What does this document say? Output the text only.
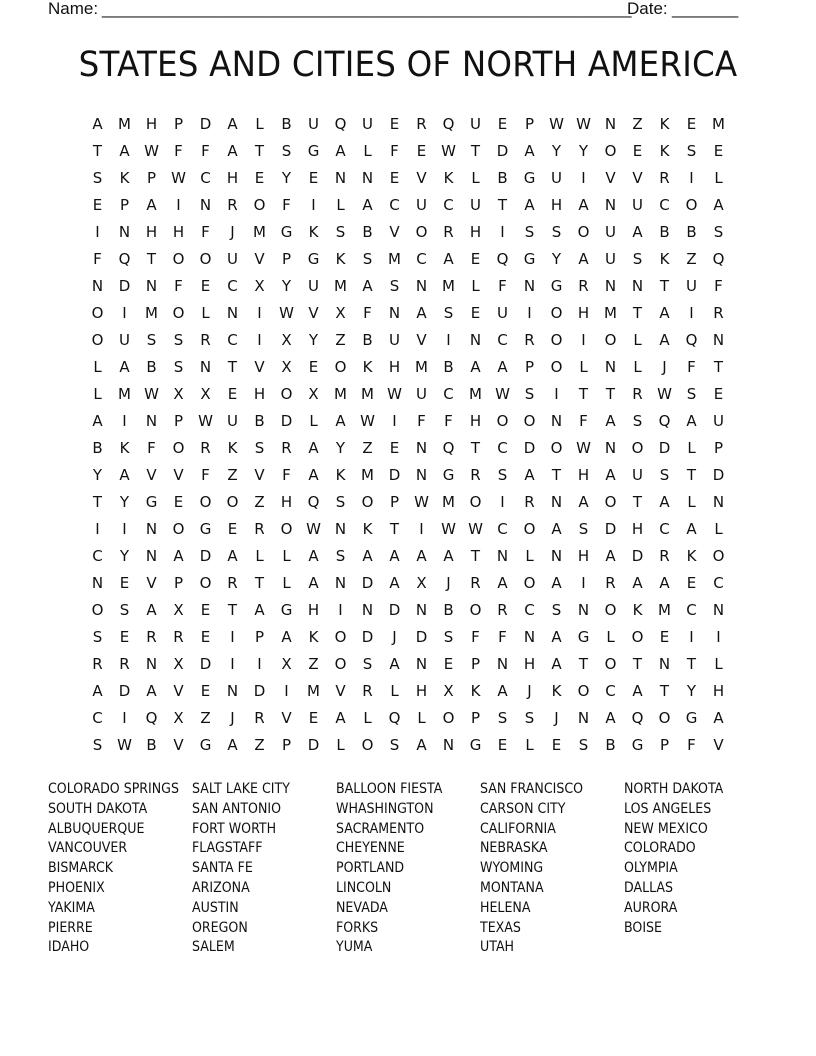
Name: ________________________________________________________
Date: _______
STATES AND CITIES OF NORTH AMERICA
A	M H	P	D	A	L	B	U	Q	U	E	R	Q	U	E	P	W W N	Z	K	E	M
T	A W	F	F	A	T	S	G	A	L	F	E W T	D	A	Y	Y	O	E	K	S	E
S	K	P	W C	H	E	Y	E	N	N	E	V	K	L	B	G	U	I	V	V	R	I	L
E	P	A	I	N	R	O	F	I	L	A	C	U	C	U	T	A	H	A	N	U	C	O	A
I	N	H	H	F	J	M G	K	S	B	V	O	R	H	I	S	S	O	U	A	B	B	S
F	Q	T	O	O	U	V	P	G	K	S	M	C	A	E	Q	G	Y	A	U	S	K	Z	Q
N	D	N	F	E	C	X	Y	U	M	A	S	N M	L	F	N	G	R	N	N	T	U	F
O	I	M O	L	N	I	W V	X	F	N	A	S	E	U	I	O	H M	T	A	I	R
O	U	S	S	R	C	I	X	Y	Z	B	U	V	I	N	C	R	O	I	O	L	A	Q	N
L	A	B	S	N	T	V	X	E	O	K	H M	B	A	A	P	O	L	N	L	J	F	T
L	M W X	X	E	H	O	X	M M W U	C	M W S	I	T	T	R W S	E
A	I	N	P	W U	B	D	L	A W	I	F	F	H	O	O	N	F	A	S	Q	A	U
B	K	F	O	R	K	S	R	A	Y	Z	E	N	Q	T	C	D	O W N	O	D	L	P
Y	A	V	V	F	Z	V	F	A	K	M D	N	G	R	S	A	T	H	A	U	S	T	D
T	Y	G	E	O	O	Z	H	Q	S	O	P	W M O	I	R	N	A	O	T	A	L	N
I	I	N	O	G	E	R	O W N	K	T	I	W W C	O	A	S	D	H	C	A	L
C	Y	N	A	D	A	L	L	A	S	A	A	A	A	T	N	L	N	H	A	D	R	K	O
N	E	V	P	O	R	T	L	A	N	D	A	X	J	R	A	O	A	I	R	A	A	E	C
O	S	A	X	E	T	A	G	H	I	N	D	N	B	O	R	C	S	N	O	K	M	C	N
S	E	R	R	E	I	P	A	K	O	D	J	D	S	F	F	N	A	G	L	O	E	I	I
R	R	N	X	D	I	I	X	Z	O	S	A	N	E	P	N	H	A	T	O	T	N	T	L
A	D	A	V	E	N	D	I	M	V	R	L	H	X	K	A	J	K	O	C	A	T	Y	H
C	I	Q	X	Z	J	R	V	E	A	L	Q	L	O	P	S	S	J	N	A	Q	O	G	A
S W B	V	G	A	Z	P	D	L	O	S	A	N	G	E	L	E	S	B	G	P	F	V
COLORADO SPRINGS
SOUTH DAKOTA
ALBUQUERQUE
VANCOUVER
BISMARCK
PHOENIX
YAKIMA
PIERRE
IDAHO
SALT LAKE CITY
SAN ANTONIO
FORT WORTH
FLAGSTAFF
SANTA FE
ARIZONA
AUSTIN
OREGON
SALEM
BALLOON FIESTA
WHASHINGTON
SACRAMENTO
CHEYENNE
PORTLAND
LINCOLN
NEVADA
FORKS
YUMA
SAN FRANCISCO
CARSON CITY
CALIFORNIA
NEBRASKA
WYOMING
MONTANA
HELENA
TEXAS
UTAH
NORTH DAKOTA
LOS ANGELES
NEW MEXICO
COLORADO
OLYMPIA
DALLAS
AURORA
BOISE
